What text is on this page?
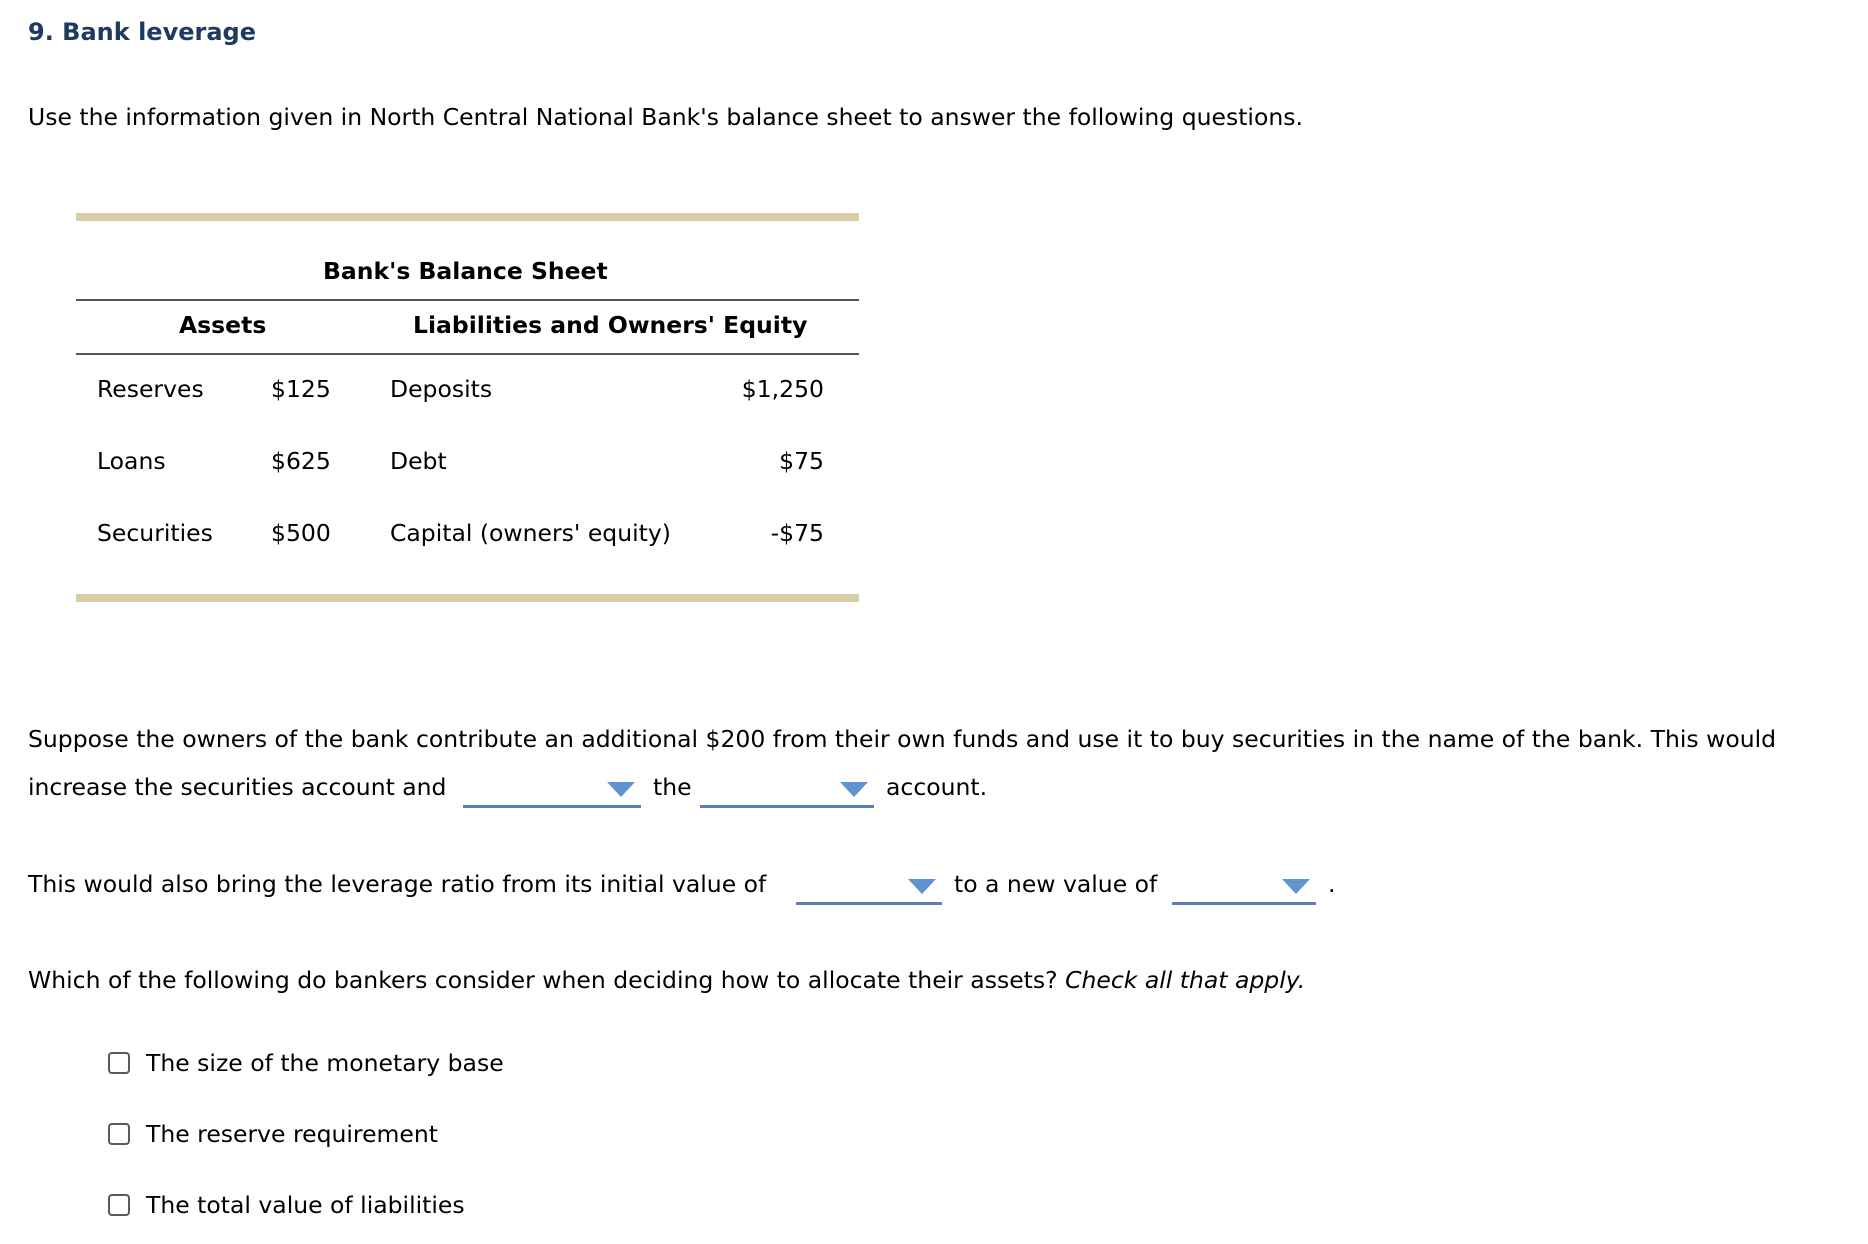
9. Bank leverage

Use the information given in North Central National Bank's balance sheet to answer the following questions.

Bank's Balance Sheet
Assets	Liabilities and Owners' Equity
Reserves	$125	Deposits	$1,250
Loans	$625	Debt	$75
Securities $500	Capital (owners' equity)	-$75

Suppose the owners of the bank contribute an additional $200 from their own funds and use it to buy securities in the name of the bank. This would

increase the securities account and	the	account.
This would also bring the leverage ratio from its initial value of	to a new value of	.

Which of the following do bankers consider when deciding how to allocate their assets? Check all that apply.

The size of the monetary base
The reserve requirement
The total value of liabilities
